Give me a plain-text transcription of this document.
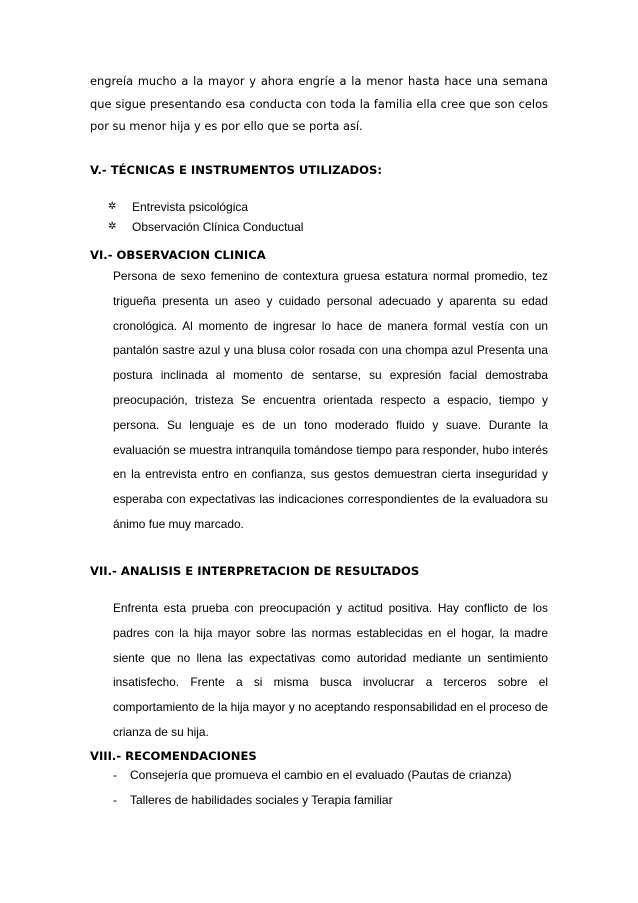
engreía mucho a la mayor y ahora engríe a la menor hasta hace una semana que sigue presentando esa conducta con toda la familia ella cree que son celos por su menor hija y es por ello que se porta así.
V.- TÉCNICAS E INSTRUMENTOS UTILIZADOS:
✲ Entrevista psicológica
✲ Observación Clínica Conductual
VI.- OBSERVACION CLINICA
Persona de sexo femenino de contextura gruesa estatura normal promedio, tez trigueña presenta un aseo y cuidado personal adecuado y aparenta su edad cronológica. Al momento de ingresar lo hace de manera formal vestía con un pantalón sastre azul y una blusa color rosada con una chompa azul Presenta una postura inclinada al momento de sentarse, su expresión facial demostraba preocupación, tristeza Se encuentra orientada respecto a espacio, tiempo y persona. Su lenguaje es de un tono moderado fluido y suave. Durante la evaluación se muestra intranquila tomándose tiempo para responder, hubo interés en la entrevista entro en confianza, sus gestos demuestran cierta inseguridad y esperaba con expectativas las indicaciones correspondientes de la evaluadora su ánimo fue muy marcado.
VII.- ANALISIS E INTERPRETACION DE RESULTADOS
Enfrenta esta prueba con preocupación y actitud positiva. Hay conflicto de los padres con la hija mayor sobre las normas establecidas en el hogar, la madre siente que no llena las expectativas como autoridad mediante un sentimiento insatisfecho. Frente a si misma busca involucrar a terceros sobre el comportamiento de la hija mayor y no aceptando responsabilidad en el proceso de crianza de su hija.
VIII.- RECOMENDACIONES
- Consejería que promueva el cambio en el evaluado (Pautas de crianza)
- Talleres de habilidades sociales y Terapia familiar
